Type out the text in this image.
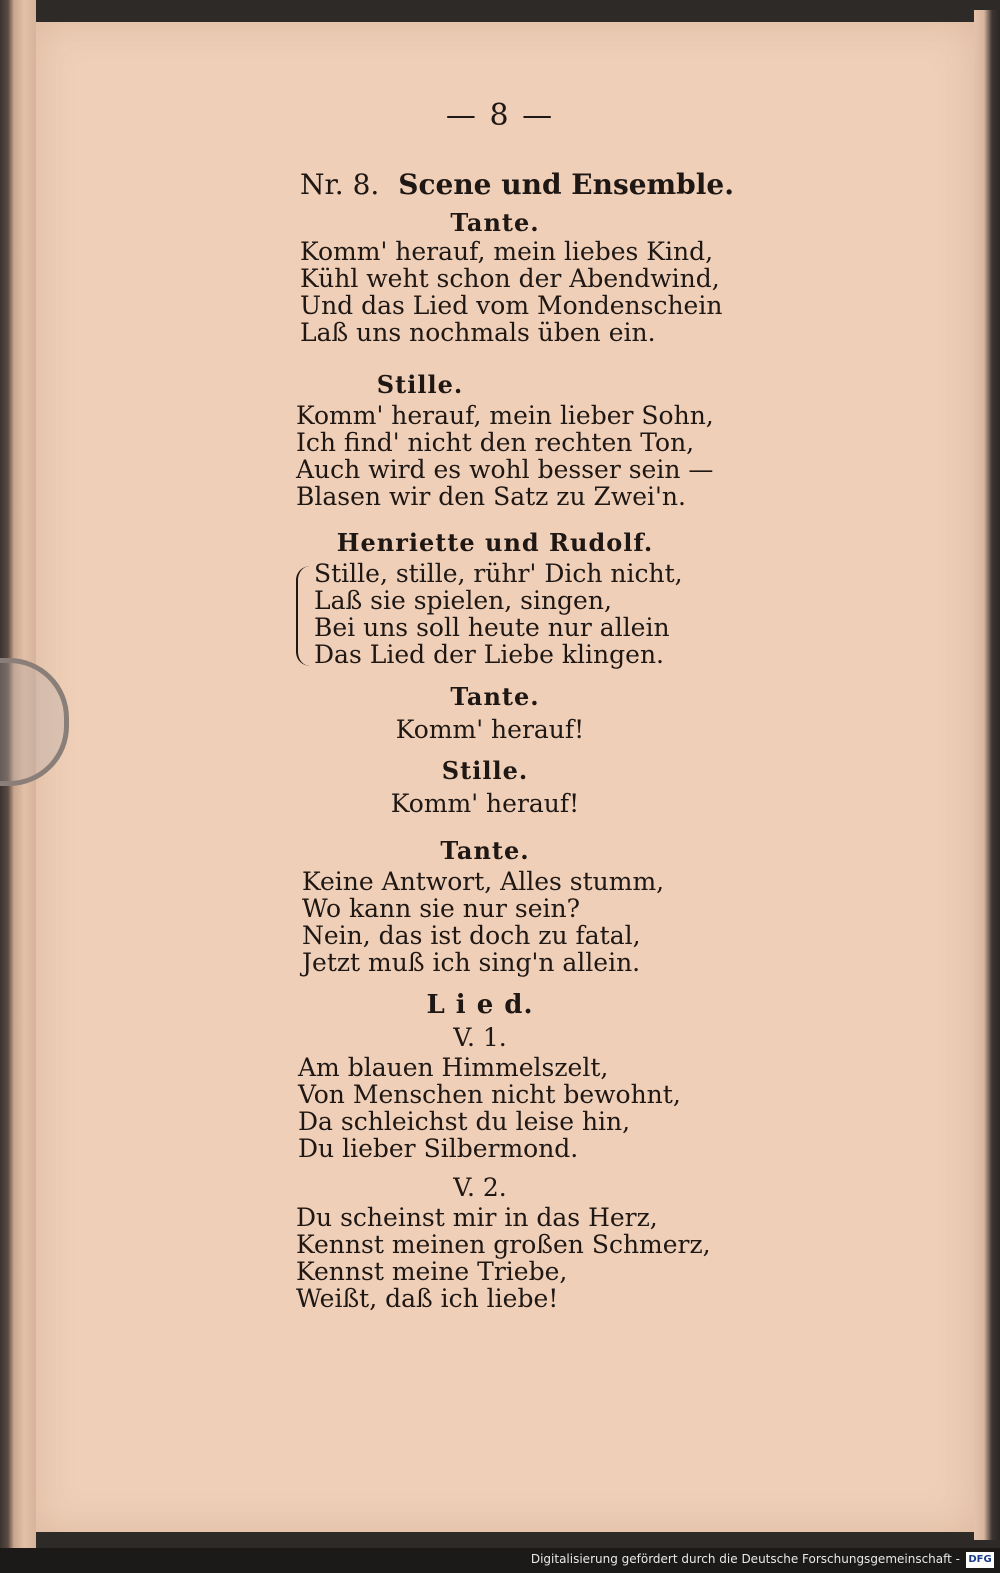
— 8 —
Nr. 8. Scene und Ensemble.
Tante.
Komm' herauf, mein liebes Kind,
Kühl weht schon der Abendwind,
Und das Lied vom Mondenschein
Laß uns nochmals üben ein.
Stille.
Komm' herauf, mein lieber Sohn,
Ich find' nicht den rechten Ton,
Auch wird es wohl besser sein —
Blasen wir den Satz zu Zwei'n.
Henriette und Rudolf.
Stille, stille, rühr' Dich nicht,
Laß sie spielen, singen,
Bei uns soll heute nur allein
Das Lied der Liebe klingen.
Tante.
Komm' herauf!
Stille.
Komm' herauf!
Tante.
Keine Antwort, Alles stumm,
Wo kann sie nur sein?
Nein, das ist doch zu fatal,
Jetzt muß ich sing'n allein.
L i e d.
V. 1.
Am blauen Himmelszelt,
Von Menschen nicht bewohnt,
Da schleichst du leise hin,
Du lieber Silbermond.
V. 2.
Du scheinst mir in das Herz,
Kennst meinen großen Schmerz,
Kennst meine Triebe,
Weißt, daß ich liebe!
Digitalisierung gefördert durch die Deutsche Forschungsgemeinschaft - DFG
